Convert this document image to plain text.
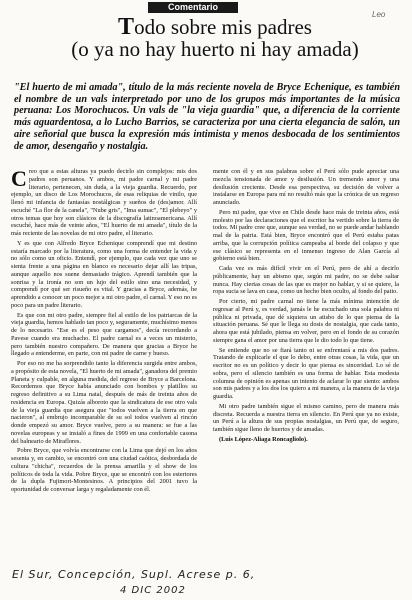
Comentario
Leo
Todo sobre mis padres
(o ya no hay huerto ni hay amada)
"El huerto de mi amada", título de la más reciente novela de Bryce Echenique, es también el nombre de un vals interpretado por uno de los grupos más importantes de la música peruana: Los Morochucos. Un vals de "la vieja guardia" que, a diferencia de la corriente más aguardentosa, a lo Lucho Barrios, se caracteriza por una cierta elegancia de salón, un aire señorial que busca la expresión más intimista y menos desbocada de los sentimientos de amor, desengaño y nostalgia.

Creo que a estas alturas ya puedo decirlo sin complejos: mis dos padres son peruanos. Y ambos, mi padre carnal y mi padre literario, pertenecen, sin duda, a la vieja guardia. Recuerdo, por ejemplo, un disco de Los Morochucos, de esas reliquias de vinilo, que llenó mi infancia de fantasías nostálgicas y sueños de (des)amor. Allí escuché "La flor de la canela", "Nube gris", "Ima sumac", "El plebeyo" y otros temas que hoy son clásicos de la discografía latinoamericana. Allí escuché, hace más de veinte años, "El huerto de mi amada", título de la más reciente de las novelas de mi otro padre, el literario.

Y es que con Alfredo Bryce Echenique comprendí que mi destino estaría marcado por la literatura, como una forma de entender la vida y no sólo como un oficio. Entendí, por ejemplo, que cada vez que uno se sienta frente a una página en blanco es necesario dejar allí las tripas, aunque aquello nos suene demasiado trágico. Aprendí también que la sonrisa y la ironía no son un lujo del estilo sino una necesidad, y comprendí por qué ser risueño es vital. Y gracias a Bryce, además, he aprendido a conocer un poco mejor a mi otro padre, el carnal. Y eso no es poco para un padre literario.

Es que con mi otro padre, siempre fiel al estilo de los patriarcas de la vieja guardia, hemos hablado tan poco y, seguramente, muchísimo menos de lo necesario. "Ese es el peso que cargamos", decía recordando a Pavese cuando era muchacho. El padre carnal es a veces un misterio, pero también nuestro compañero. De manera que gracias a Bryce he llegado a entenderme, en parte, con mi padre de carne y hueso.

Por eso no me ha sorprendido tanto la diferencia surgida entre ambos, a propósito de esta novela, "El huerto de mi amada", ganadora del premio Planeta y culpable, en alguna medida, del regreso de Bryce a Barcelona. Recordemos que Bryce había anunciado con bombos y platillos su regreso definitivo a su Lima natal, después de más de treinta años de residencia en Europa. Quizás alboroto que la sindicatura de ese otro vals de la vieja guardia que asegura que "todos vuelven a la tierra en que nacieron", al embrujo incomparable de su sol todos vuelven al rincón donde empezó su amor. Bryce vuelve, pero a su manera: se fue a las novelas europeas y se instaló a fines de 1999 en una confortable casona del balneario de Miraflores.

Pobre Bryce, que volvía encontrarse con la Lima que dejó en los años sesenta y, en cambio, se encontró con una ciudad caótica, desbordada de cultura "chicha", recuerdos de la prensa amarilla y el show de los políticos de toda la vida. Pobre Bryce, que se encontró con los estertores de la dupla Fujimori-Montesinos. A principios del 2001 tuvo la oportunidad de conversar larga y regaladamente con él.

mente con él y en sus palabras sobre el Perú sólo pude apreciar una mezcla tensionada de amor y desilusión. Un tremendo amor y una desilusión creciente. Desde esa perspectiva, su decisión de volver a instalarse en Europa para mí no resultó más que la crónica de un regreso anunciado.

Pero mi padre, que vive en Chile desde hace más de treinta años, está molesto por las declaraciones que el escritor ha vertido sobre la tierra de todos. Mi padre cree que, aunque sea verdad, no se puede andar hablando mal de la patria. Está bien, Bryce encontró que el Perú estaba patas arriba, que la corrupción política campeaba al borde del colapso y que ese clásico se representa en el inmenso ingreso de Alan García al gobierno está bien.

Cada vez es más difícil vivir en el Perú, pero de ahí a decirlo públicamente, hay un abismo que, según mi padre, no se debe saltar nunca. Hay ciertas cosas de las que es mejor no hablar, y si se quiere, la ropa sucia se lava en casa, como un hecho bien oculto, al fondo del patio.

Por cierto, mi padre carnal no tiene la más mínima intención de regresar al Perú y, es verdad, jamás le he escuchado una sola palabra ni pública ni privada, que dé siquiera un atisbo de lo que piensa de la situación peruana. Sé que le llega su dosis de nostalgia, que cada tanto, ahora que está jubilado, piensa en volver, pero en el fondo de su corazón siempre gana el amor por una tierra que le dio todo lo que tiene.

Se entiende que no se fiará tanto ni se enfrentará a mis dos padres. Tratando de explicarle el que lo debo, entre otras cosas, la vida, que un escritor no es un político y decir lo que piensa es sinceridad. Lo sé de sobra, pero el silencio también es una forma de hablar. Esta modesta columna de opinión es apenas un intento de aclarar lo que siento: ambos son mis padres y a los dos los quiero a mi manera, a la manera de la vieja guardia.

Mi otro padre también sigue el mismo camino, pero de manera más discreta. Recuerda a nuestra tierra en silencio. En Perú que ya no existe, un Perú a la altura de sus propias nostalgias, un Perú que, de seguro, también sigue lleno de huertos y de amadas.

(Luis López-Aliaga Roncagliolo).

El Sur, Concepción, Supl. Acrese p. 6,
4 DIC 2002
